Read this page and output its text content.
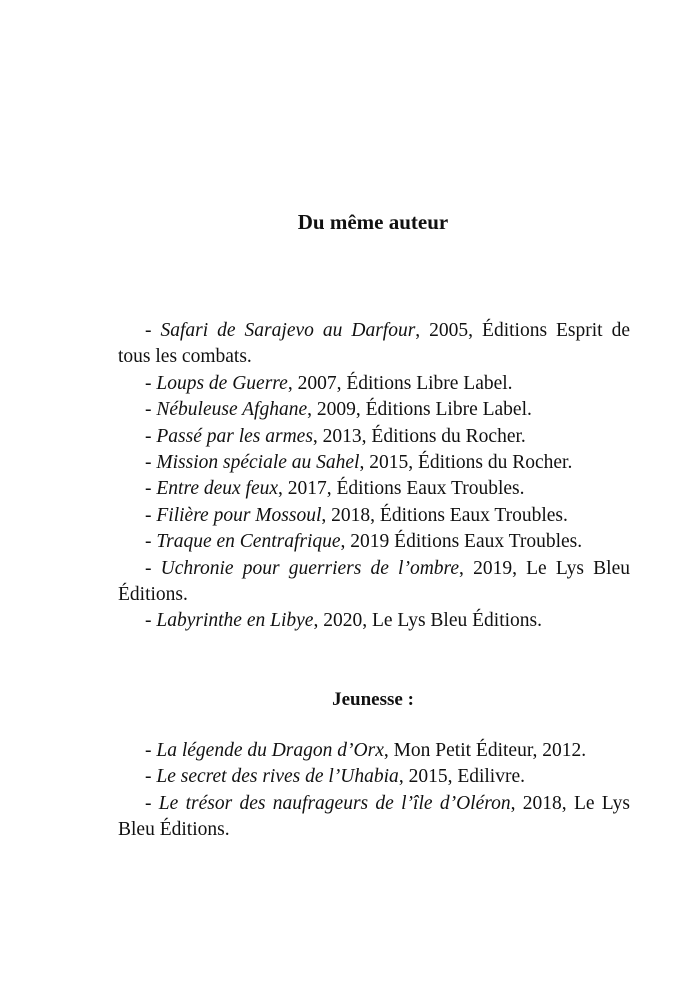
Du même auteur
- Safari de Sarajevo au Darfour, 2005, Éditions Esprit de tous les combats.
- Loups de Guerre, 2007, Éditions Libre Label.
- Nébuleuse Afghane, 2009, Éditions Libre Label.
- Passé par les armes, 2013, Éditions du Rocher.
- Mission spéciale au Sahel, 2015, Éditions du Rocher.
- Entre deux feux, 2017, Éditions Eaux Troubles.
- Filière pour Mossoul, 2018, Éditions Eaux Troubles.
- Traque en Centrafrique, 2019 Éditions Eaux Troubles.
- Uchronie pour guerriers de l’ombre, 2019, Le Lys Bleu Éditions.
- Labyrinthe en Libye, 2020, Le Lys Bleu Éditions.
Jeunesse :
- La légende du Dragon d’Orx, Mon Petit Éditeur, 2012.
- Le secret des rives de l’Uhabia, 2015, Edilivre.
- Le trésor des naufrageurs de l’île d’Oléron, 2018, Le Lys Bleu Éditions.
